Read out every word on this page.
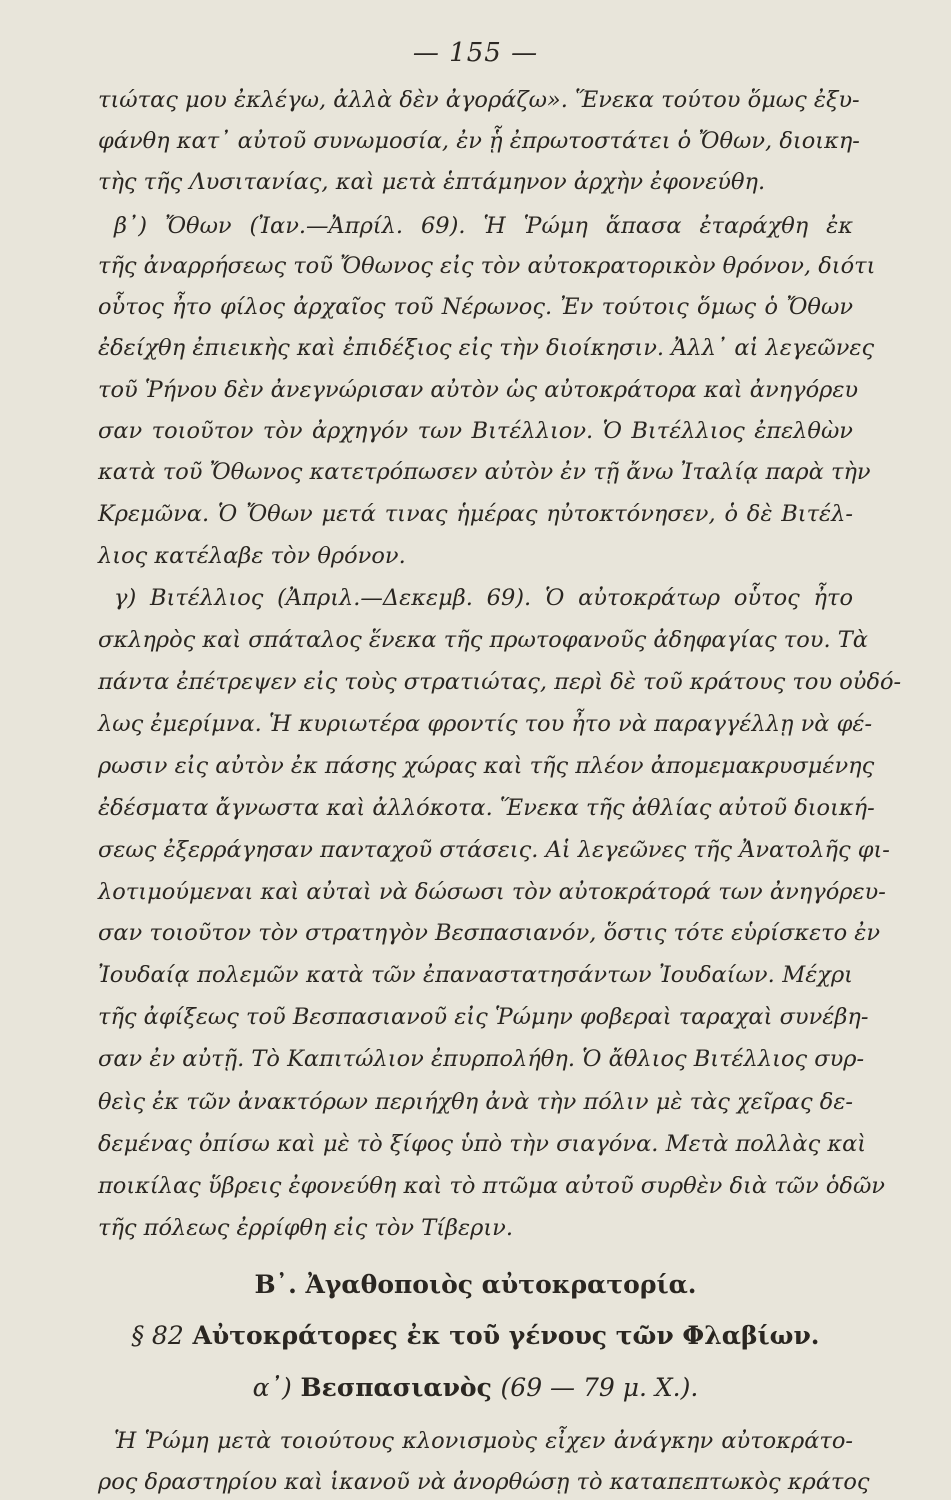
— 155 —
τιώτας μου ἐκλέγω, ἀλλὰ δὲν ἀγοράζω». Ἕνεκα τούτου ὅμως ἐξυ-
φάνθη κατ᾽ αὐτοῦ συνωμοσία, ἐν ᾗ ἐπρωτοστάτει ὁ Ὄθων, διοικη-
τὴς τῆς Λυσιτανίας, καὶ μετὰ ἑπτάμηνον ἀρχὴν ἐφονεύθη.
β᾽) Ὄθων (Ἰαν.—Ἀπρίλ. 69). Ἡ Ῥώμη ἅπασα ἐταράχθη ἐκ
τῆς ἀναρρήσεως τοῦ Ὄθωνος εἰς τὸν αὐτοκρατορικὸν θρόνον, διότι
οὗτος ἦτο φίλος ἀρχαῖος τοῦ Νέρωνος. Ἐν τούτοις ὅμως ὁ Ὄθων
ἐδείχθη ἐπιεικὴς καὶ ἐπιδέξιος εἰς τὴν διοίκησιν. Ἀλλ᾽ αἱ λεγεῶνες
τοῦ Ῥήνου δὲν ἀνεγνώρισαν αὐτὸν ὡς αὐτοκράτορα καὶ ἀνηγόρευ
σαν τοιοῦτον τὸν ἀρχηγόν των Βιτέλλιον. Ὁ Βιτέλλιος ἐπελθὼν
κατὰ τοῦ Ὄθωνος κατετρόπωσεν αὐτὸν ἐν τῇ ἄνω Ἰταλίᾳ παρὰ τὴν
Κρεμῶνα. Ὁ Ὄθων μετά τινας ἡμέρας ηὐτοκτόνησεν, ὁ δὲ Βιτέλ-
λιος κατέλαβε τὸν θρόνον.
γ) Βιτέλλιος (Ἀπριλ.—Δεκεμβ. 69). Ὁ αὐτοκράτωρ οὗτος ἦτο
σκληρὸς καὶ σπάταλος ἕνεκα τῆς πρωτοφανοῦς ἀδηφαγίας του. Τὰ
πάντα ἐπέτρεψεν εἰς τοὺς στρατιώτας, περὶ δὲ τοῦ κράτους του οὐδό-
λως ἐμερίμνα. Ἡ κυριωτέρα φροντίς του ἦτο νὰ παραγγέλλῃ νὰ φέ-
ρωσιν εἰς αὐτὸν ἐκ πάσης χώρας καὶ τῆς πλέον ἀπομεμακρυσμένης
ἐδέσματα ἄγνωστα καὶ ἀλλόκοτα. Ἕνεκα τῆς ἀθλίας αὐτοῦ διοική-
σεως ἐξερράγησαν πανταχοῦ στάσεις. Αἱ λεγεῶνες τῆς Ἀνατολῆς φι-
λοτιμούμεναι καὶ αὐταὶ νὰ δώσωσι τὸν αὐτοκράτορά των ἀνηγόρευ-
σαν τοιοῦτον τὸν στρατηγὸν Βεσπασιανόν, ὅστις τότε εὑρίσκετο ἐν
Ἰουδαίᾳ πολεμῶν κατὰ τῶν ἐπαναστατησάντων Ἰουδαίων. Μέχρι
τῆς ἀφίξεως τοῦ Βεσπασιανοῦ εἰς Ῥώμην φοβεραὶ ταραχαὶ συνέβη-
σαν ἐν αὐτῇ. Τὸ Καπιτώλιον ἐπυρπολήθη. Ὁ ἄθλιος Βιτέλλιος συρ-
θεὶς ἐκ τῶν ἀνακτόρων περιήχθη ἀνὰ τὴν πόλιν μὲ τὰς χεῖρας δε-
δεμένας ὀπίσω καὶ μὲ τὸ ξίφος ὑπὸ τὴν σιαγόνα. Μετὰ πολλὰς καὶ
ποικίλας ὕβρεις ἐφονεύθη καὶ τὸ πτῶμα αὐτοῦ συρθὲν διὰ τῶν ὁδῶν
τῆς πόλεως ἐρρίφθη εἰς τὸν Τίβεριν.
Β᾽. Ἀγαθοποιὸς αὐτοκρατορία.
§ 82 Αὐτοκράτορες ἐκ τοῦ γένους τῶν Φλαβίων.
α᾽) Βεσπασιανὸς (69 — 79 μ. Χ.).
Ἡ Ῥώμη μετὰ τοιούτους κλονισμοὺς εἶχεν ἀνάγκην αὐτοκράτο-
ρος δραστηρίου καὶ ἱκανοῦ νὰ ἀνορθώσῃ τὸ καταπεπτωκὸς κράτος
